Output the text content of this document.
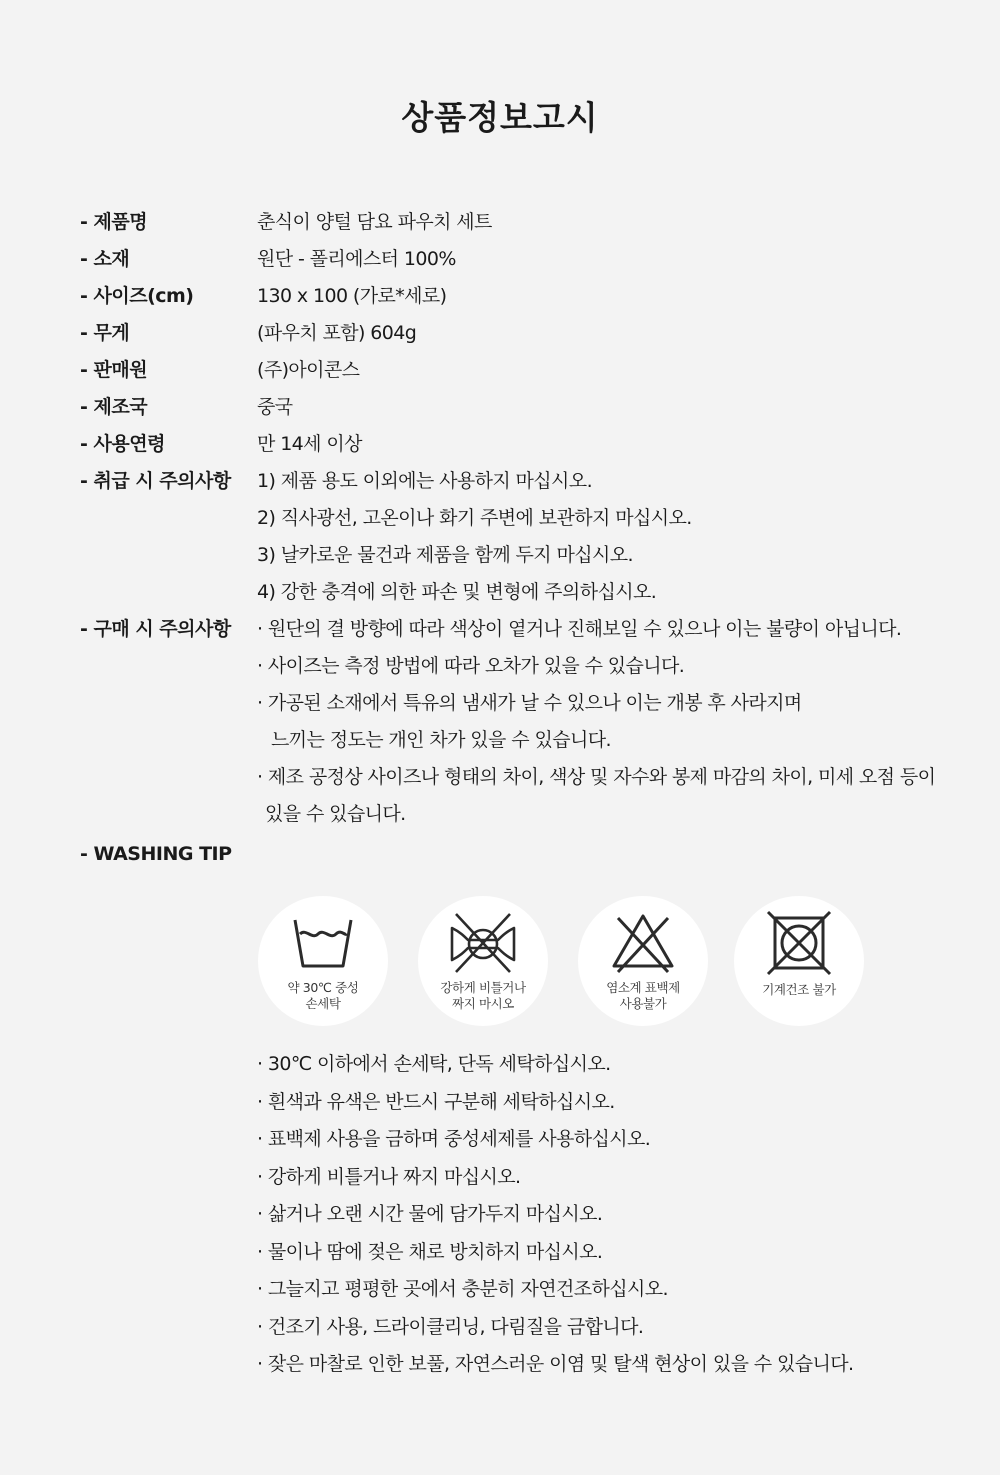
상품정보고시
- 제품명	춘식이 양털 담요 파우치 세트
- 소재	원단 - 폴리에스터 100%
- 사이즈(cm)	130 x 100 (가로*세로)
- 무게	(파우치 포함) 604g
- 판매원	(주)아이콘스
- 제조국	중국
- 사용연령	만 14세 이상
- 취급 시 주의사항	1) 제품 용도 이외에는 사용하지 마십시오.
2) 직사광선, 고온이나 화기 주변에 보관하지 마십시오.
3) 날카로운 물건과 제품을 함께 두지 마십시오.
4) 강한 충격에 의한 파손 및 변형에 주의하십시오.
- 구매 시 주의사항	· 원단의 결 방향에 따라 색상이 옅거나 진해보일 수 있으나 이는 불량이 아닙니다.
· 사이즈는 측정 방법에 따라 오차가 있을 수 있습니다.
· 가공된 소재에서 특유의 냄새가 날 수 있으나 이는 개봉 후 사라지며
느끼는 정도는 개인 차가 있을 수 있습니다.
· 제조 공정상 사이즈나 형태의 차이, 색상 및 자수와 봉제 마감의 차이, 미세 오점 등이
있을 수 있습니다.
- WASHING TIP
약 30℃ 중성
손세탁
강하게 비틀거나
짜지 마시오
염소계 표백제
사용불가
기계건조 불가
· 30℃ 이하에서 손세탁, 단독 세탁하십시오.
· 흰색과 유색은 반드시 구분해 세탁하십시오.
· 표백제 사용을 금하며 중성세제를 사용하십시오.
· 강하게 비틀거나 짜지 마십시오.
· 삶거나 오랜 시간 물에 담가두지 마십시오.
· 물이나 땀에 젖은 채로 방치하지 마십시오.
· 그늘지고 평평한 곳에서 충분히 자연건조하십시오.
· 건조기 사용, 드라이클리닝, 다림질을 금합니다.
· 잦은 마찰로 인한 보풀, 자연스러운 이염 및 탈색 현상이 있을 수 있습니다.
